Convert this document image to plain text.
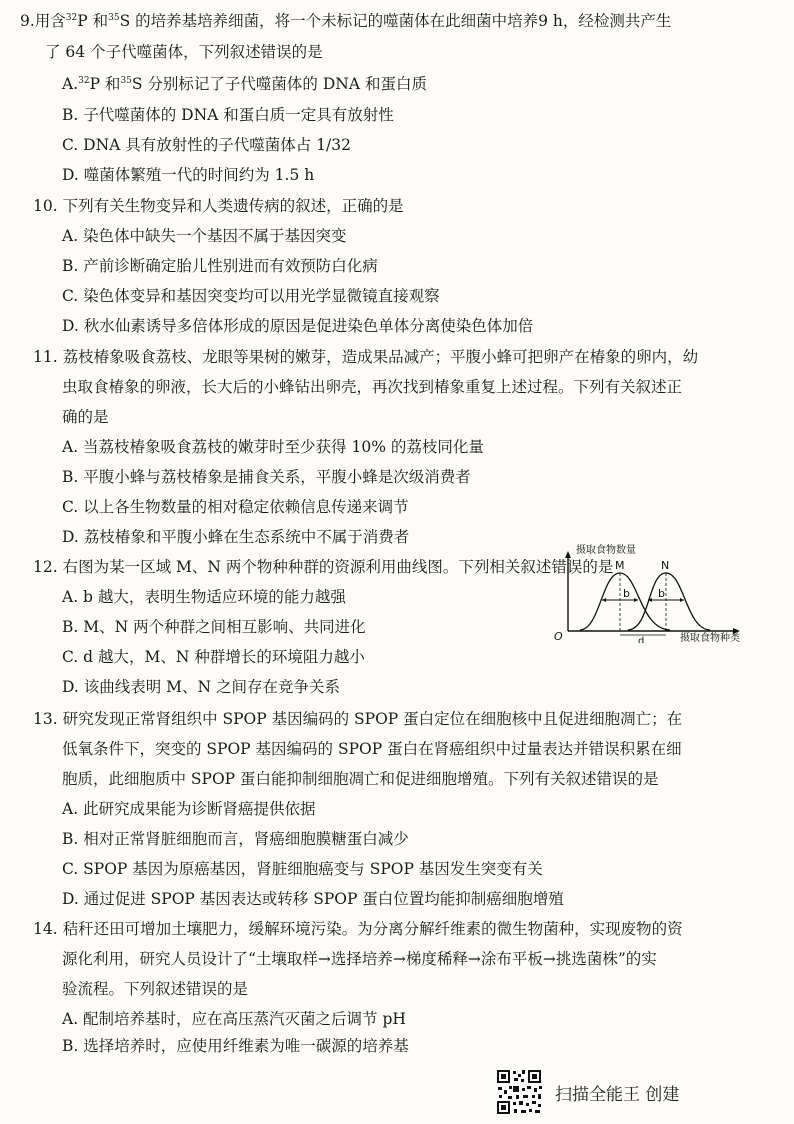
9.用含$^{32}$P 和$^{35}$S 的培养基培养细菌，将一个未标记的噬菌体在此细菌中培养9 h，经检测共产生
了 64 个子代噬菌体，下列叙述错误的是
A.$^{32}$P 和$^{35}$S 分别标记了子代噬菌体的 DNA 和蛋白质
B. 子代噬菌体的 DNA 和蛋白质一定具有放射性
C. DNA 具有放射性的子代噬菌体占 1/32
D. 噬菌体繁殖一代的时间约为 1.5 h
10. 下列有关生物变异和人类遗传病的叙述，正确的是
A. 染色体中缺失一个基因不属于基因突变
B. 产前诊断确定胎儿性别进而有效预防白化病
C. 染色体变异和基因突变均可以用光学显微镜直接观察
D. 秋水仙素诱导多倍体形成的原因是促进染色单体分离使染色体加倍
11. 荔枝椿象吸食荔枝、龙眼等果树的嫩芽，造成果品减产；平腹小蜂可把卵产在椿象的卵内，幼
虫取食椿象的卵液，长大后的小蜂钻出卵壳，再次找到椿象重复上述过程。下列有关叙述正
确的是
A. 当荔枝椿象吸食荔枝的嫩芽时至少获得 10% 的荔枝同化量
B. 平腹小蜂与荔枝椿象是捕食关系，平腹小蜂是次级消费者
C. 以上各生物数量的相对稳定依赖信息传递来调节
D. 荔枝椿象和平腹小蜂在生态系统中不属于消费者
12. 右图为某一区域 M、N 两个物种种群的资源利用曲线图。下列相关叙述错误的是
A. b 越大，表明生物适应环境的能力越强
B. M、N 两个种群之间相互影响、共同进化
C. d 越大，M、N 种群增长的环境阻力越小
D. 该曲线表明 M、N 之间存在竞争关系
摄取食物数量
摄取食物种类
O
M	N
b	b
d
13. 研究发现正常肾组织中 SPOP 基因编码的 SPOP 蛋白定位在细胞核中且促进细胞凋亡；在
低氧条件下，突变的 SPOP 基因编码的 SPOP 蛋白在肾癌组织中过量表达并错误积累在细
胞质，此细胞质中 SPOP 蛋白能抑制细胞凋亡和促进细胞增殖。下列有关叙述错误的是
A. 此研究成果能为诊断肾癌提供依据
B. 相对正常肾脏细胞而言，肾癌细胞膜糖蛋白减少
C. SPOP 基因为原癌基因，肾脏细胞癌变与 SPOP 基因发生突变有关
D. 通过促进 SPOP 基因表达或转移 SPOP 蛋白位置均能抑制癌细胞增殖
14. 秸秆还田可增加土壤肥力，缓解环境污染。为分离分解纤维素的微生物菌种，实现废物的资
源化利用，研究人员设计了“土壤取样→选择培养→梯度稀释→涂布平板→挑选菌株”的实
验流程。下列叙述错误的是
A. 配制培养基时，应在高压蒸汽灭菌之后调节 pH
B. 选择培养时，应使用纤维素为唯一碳源的培养基
扫描全能王 创建
